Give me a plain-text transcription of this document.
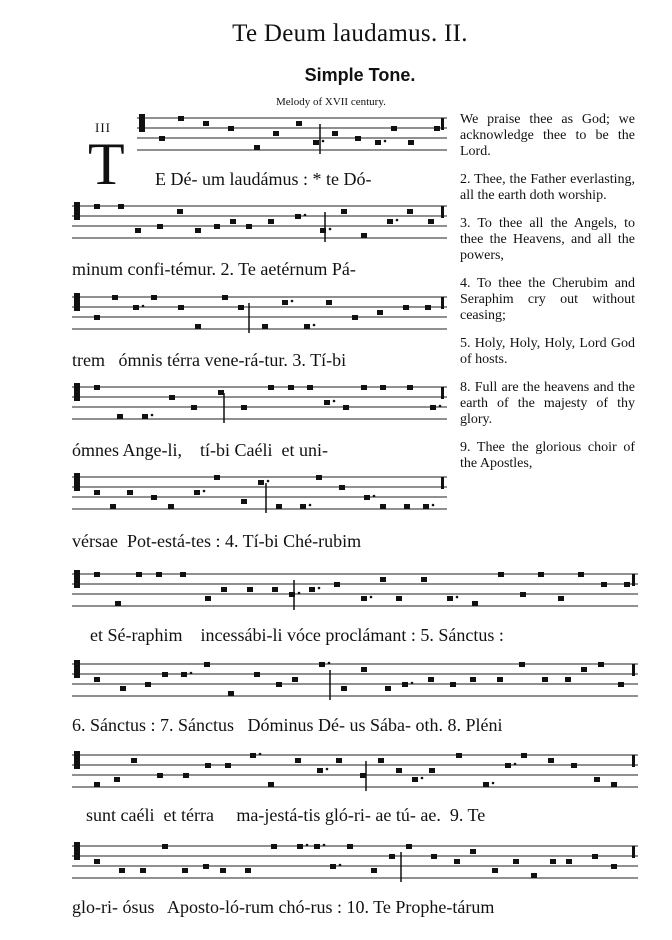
Te Deum laudamus. II.
Simple Tone.
Melody of XVII century.
III
T E Dé- um laudámus : * te Dó-
minum confi-témur. 2. Te aetérnum Pá-
trem   ómnis térra vene-rá-tur. 3. Tí-bi
ómnes Ange-li,    tí-bi Caéli  et uni-
vérsae  Pot-está-tes : 4. Tí-bi Ché-rubim
et Sé-raphim    incessábi-li vóce proclámant : 5. Sánctus :
6. Sánctus : 7. Sánctus   Dóminus Dé- us Sába- oth. 8. Pléni
sunt caéli  et térra     ma-jestá-tis gló-ri- ae tú- ae.  9. Te
glo-ri- ósus   Aposto-ló-rum chó-rus : 10. Te Prophe-tárum

We praise thee as God; we acknowledge thee to be the Lord.

2. Thee, the Father everlasting, all the earth doth worship.

3. To thee all the Angels, to thee the Heavens, and all the powers,

4. To thee the Cherubim and Seraphim cry out without ceasing;

5. Holy, Holy, Holy, Lord God of hosts.

8. Full are the heavens and the earth of the majesty of thy glory.

9. Thee the glorious choir of the Apostles,
